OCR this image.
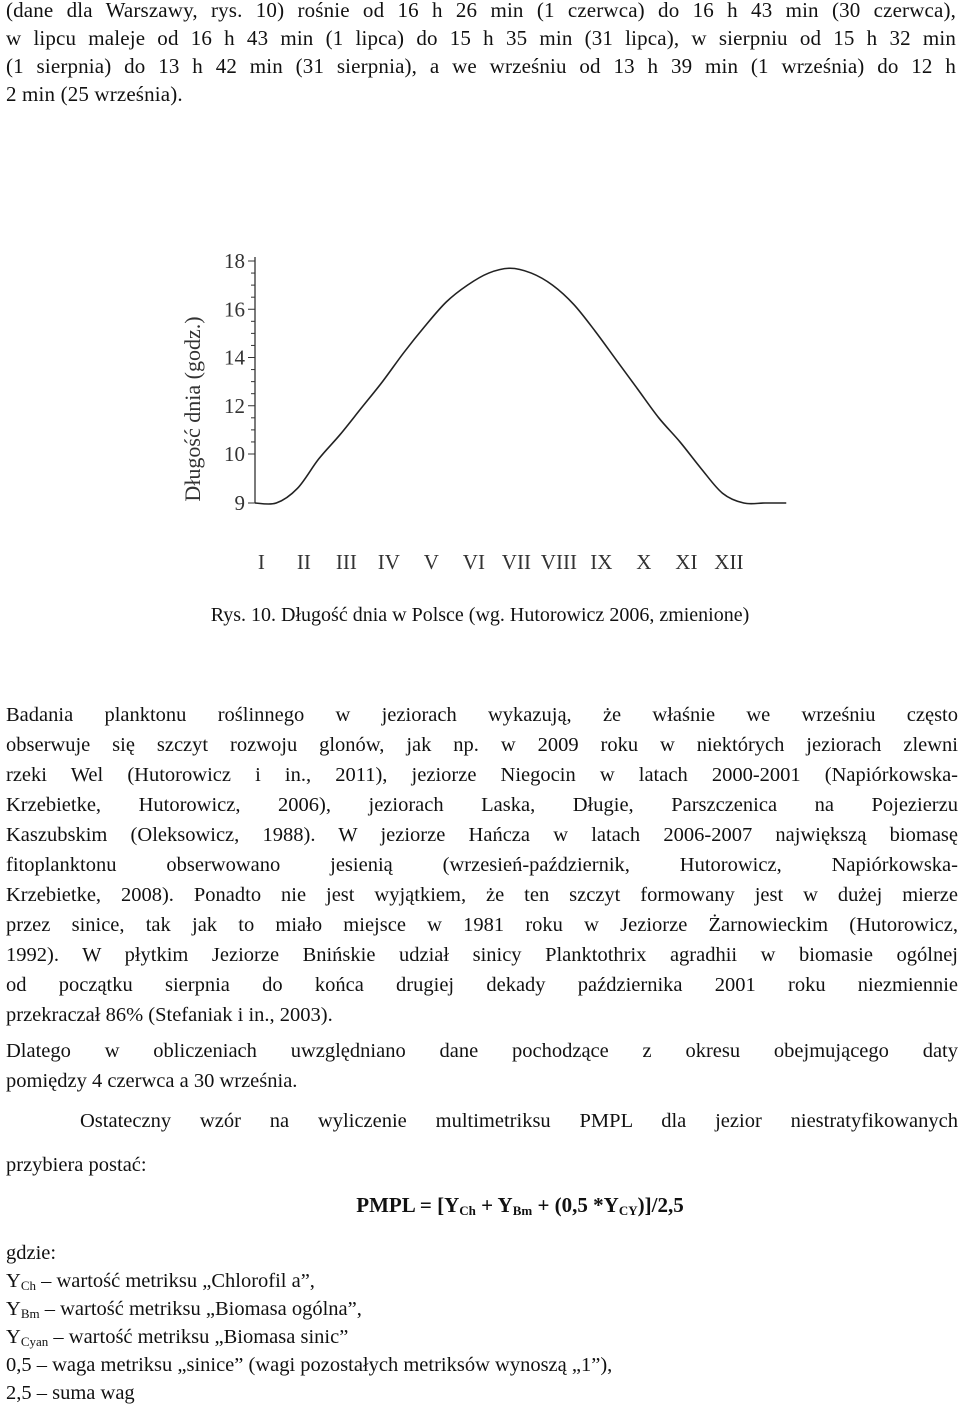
(dane dla Warszawy, rys. 10) rośnie od 16 h 26 min (1 czerwca) do 16 h 43 min (30 czerwca),
w lipcu maleje od 16 h 43 min (1 lipca) do 15 h 35 min (31 lipca), w sierpniu od 15 h 32 min
(1 sierpnia) do 13 h 42 min (31 sierpnia), a we wrześniu od 13 h 39 min (1 września) do 12 h
2 min (25 września).
9
10
12
14
16
18
Długość dnia (godz.)
I II III IV V VI VII VIII IX X XI XII
Rys. 10. Długość dnia w Polsce (wg. Hutorowicz 2006, zmienione)
Badania planktonu roślinnego w jeziorach wykazują, że właśnie we wrześniu często
obserwuje się szczyt rozwoju glonów, jak np. w 2009 roku w niektórych jeziorach zlewni
rzeki Wel (Hutorowicz i in., 2011), jeziorze Niegocin w latach 2000-2001 (Napiórkowska-
Krzebietke, Hutorowicz, 2006), jeziorach Laska, Długie, Parszczenica na Pojezierzu
Kaszubskim (Oleksowicz, 1988). W jeziorze Hańcza w latach 2006-2007 największą biomasę
fitoplanktonu obserwowano jesienią (wrzesień-październik, Hutorowicz, Napiórkowska-
Krzebietke, 2008). Ponadto nie jest wyjątkiem, że ten szczyt formowany jest w dużej mierze
przez sinice, tak jak to miało miejsce w 1981 roku w Jeziorze Żarnowieckim (Hutorowicz,
1992). W płytkim Jeziorze Bnińskie udział sinicy Planktothrix agradhii w biomasie ogólnej
od początku sierpnia do końca drugiej dekady października 2001 roku niezmiennie
przekraczał 86% (Stefaniak i in., 2003).
Dlatego w obliczeniach uwzględniano dane pochodzące z okresu obejmującego daty
pomiędzy 4 czerwca a 30 września.
Ostateczny wzór na wyliczenie multimetriksu PMPL dla jezior niestratyfikowanych
przybiera postać:
PMPL = [$Y_{Ch} + Y_{Bm} + (0,5$ $*Y_{CY})]/2,5$
gdzie:
$Y_{Ch}$ – wartość metriksu „Chlorofil a”,
$Y_{Bm}$ – wartość metriksu „Biomasa ogólna”,
$Y_{Cyan}$ – wartość metriksu „Biomasa sinic”
0,5 – waga metriksu „sinice” (wagi pozostałych metriksów wynoszą „1”),
2,5 – suma wag
